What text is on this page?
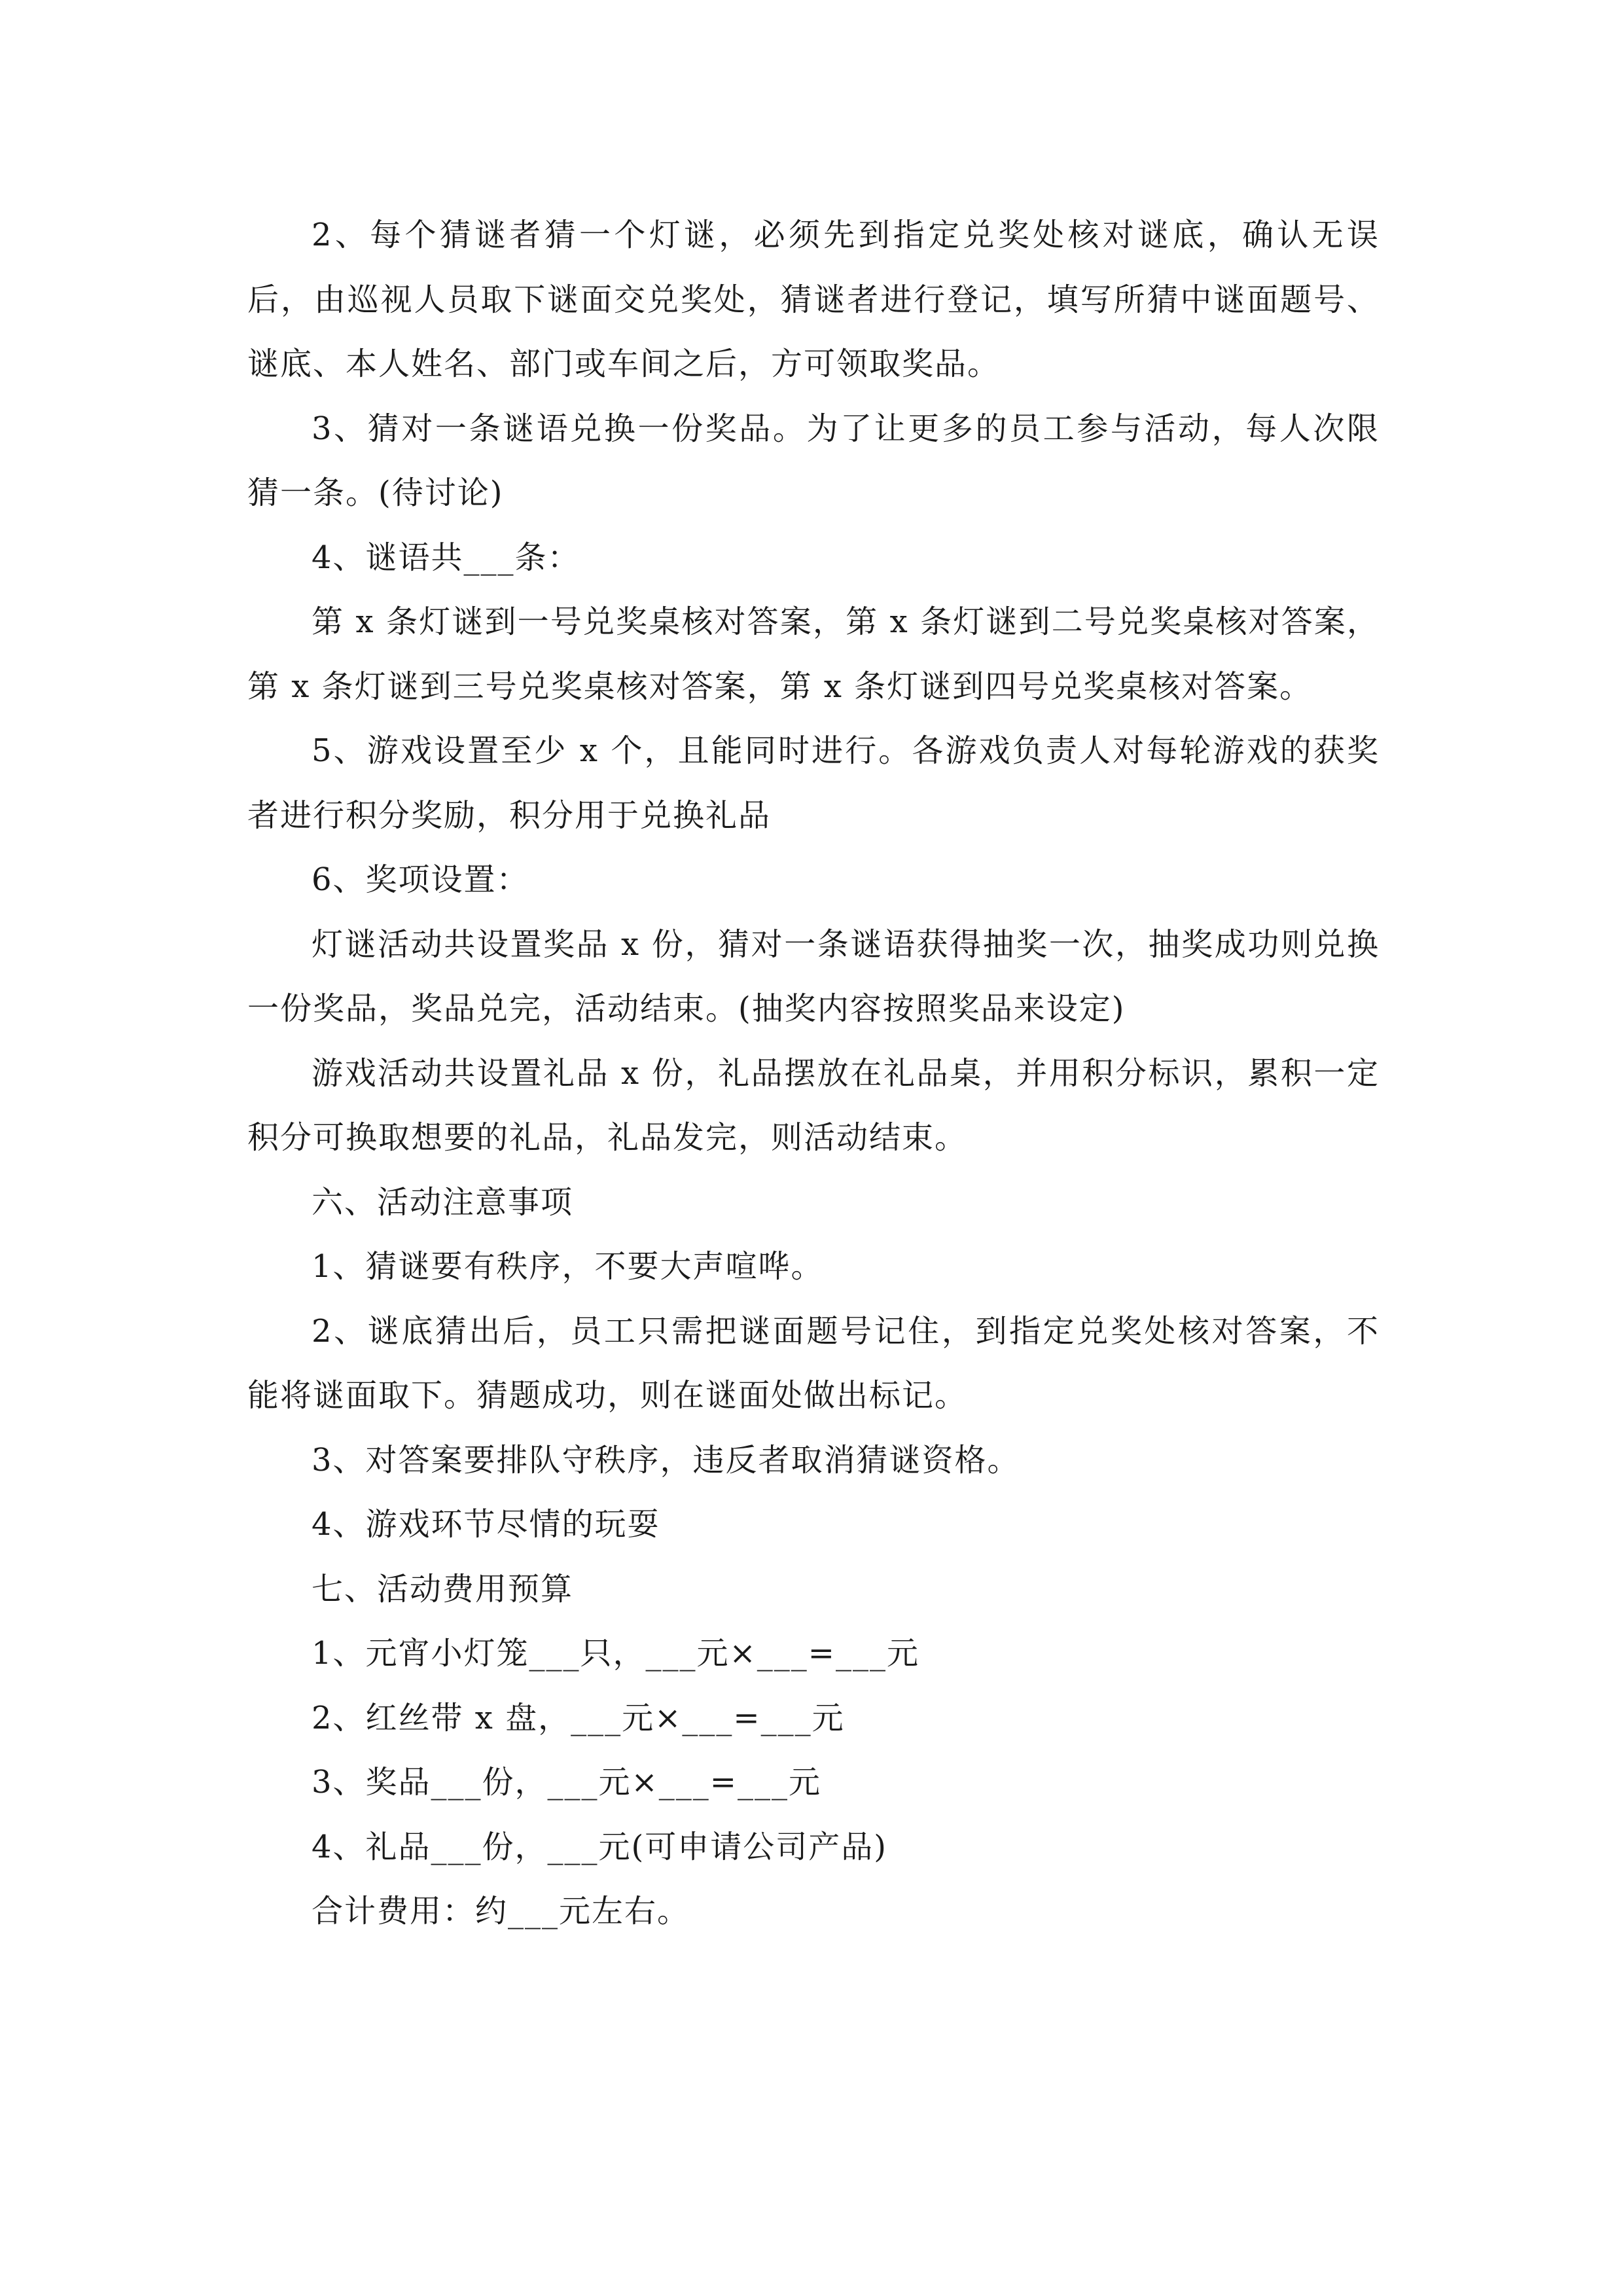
2、每个猜谜者猜一个灯谜，必须先到指定兑奖处核对谜底，确认无误后，由巡视人员取下谜面交兑奖处，猜谜者进行登记，填写所猜中谜面题号、谜底、本人姓名、部门或车间之后，方可领取奖品。

3、猜对一条谜语兑换一份奖品。为了让更多的员工参与活动，每人次限猜一条。(待讨论)

4、谜语共___条：

第 x 条灯谜到一号兑奖桌核对答案，第 x 条灯谜到二号兑奖桌核对答案，第 x 条灯谜到三号兑奖桌核对答案，第 x 条灯谜到四号兑奖桌核对答案。

5、游戏设置至少 x 个，且能同时进行。各游戏负责人对每轮游戏的获奖者进行积分奖励，积分用于兑换礼品

6、奖项设置：

灯谜活动共设置奖品 x 份，猜对一条谜语获得抽奖一次，抽奖成功则兑换一份奖品，奖品兑完，活动结束。(抽奖内容按照奖品来设定)

游戏活动共设置礼品 x 份，礼品摆放在礼品桌，并用积分标识，累积一定积分可换取想要的礼品，礼品发完，则活动结束。

六、活动注意事项

1、猜谜要有秩序，不要大声喧哗。

2、谜底猜出后，员工只需把谜面题号记住，到指定兑奖处核对答案，不能将谜面取下。猜题成功，则在谜面处做出标记。

3、对答案要排队守秩序，违反者取消猜谜资格。

4、游戏环节尽情的玩耍

七、活动费用预算

1、元宵小灯笼___只，___元×___=___元

2、红丝带 x 盘，___元×___=___元

3、奖品___份，___元×___=___元

4、礼品___份，___元(可申请公司产品)

合计费用：约___元左右。
